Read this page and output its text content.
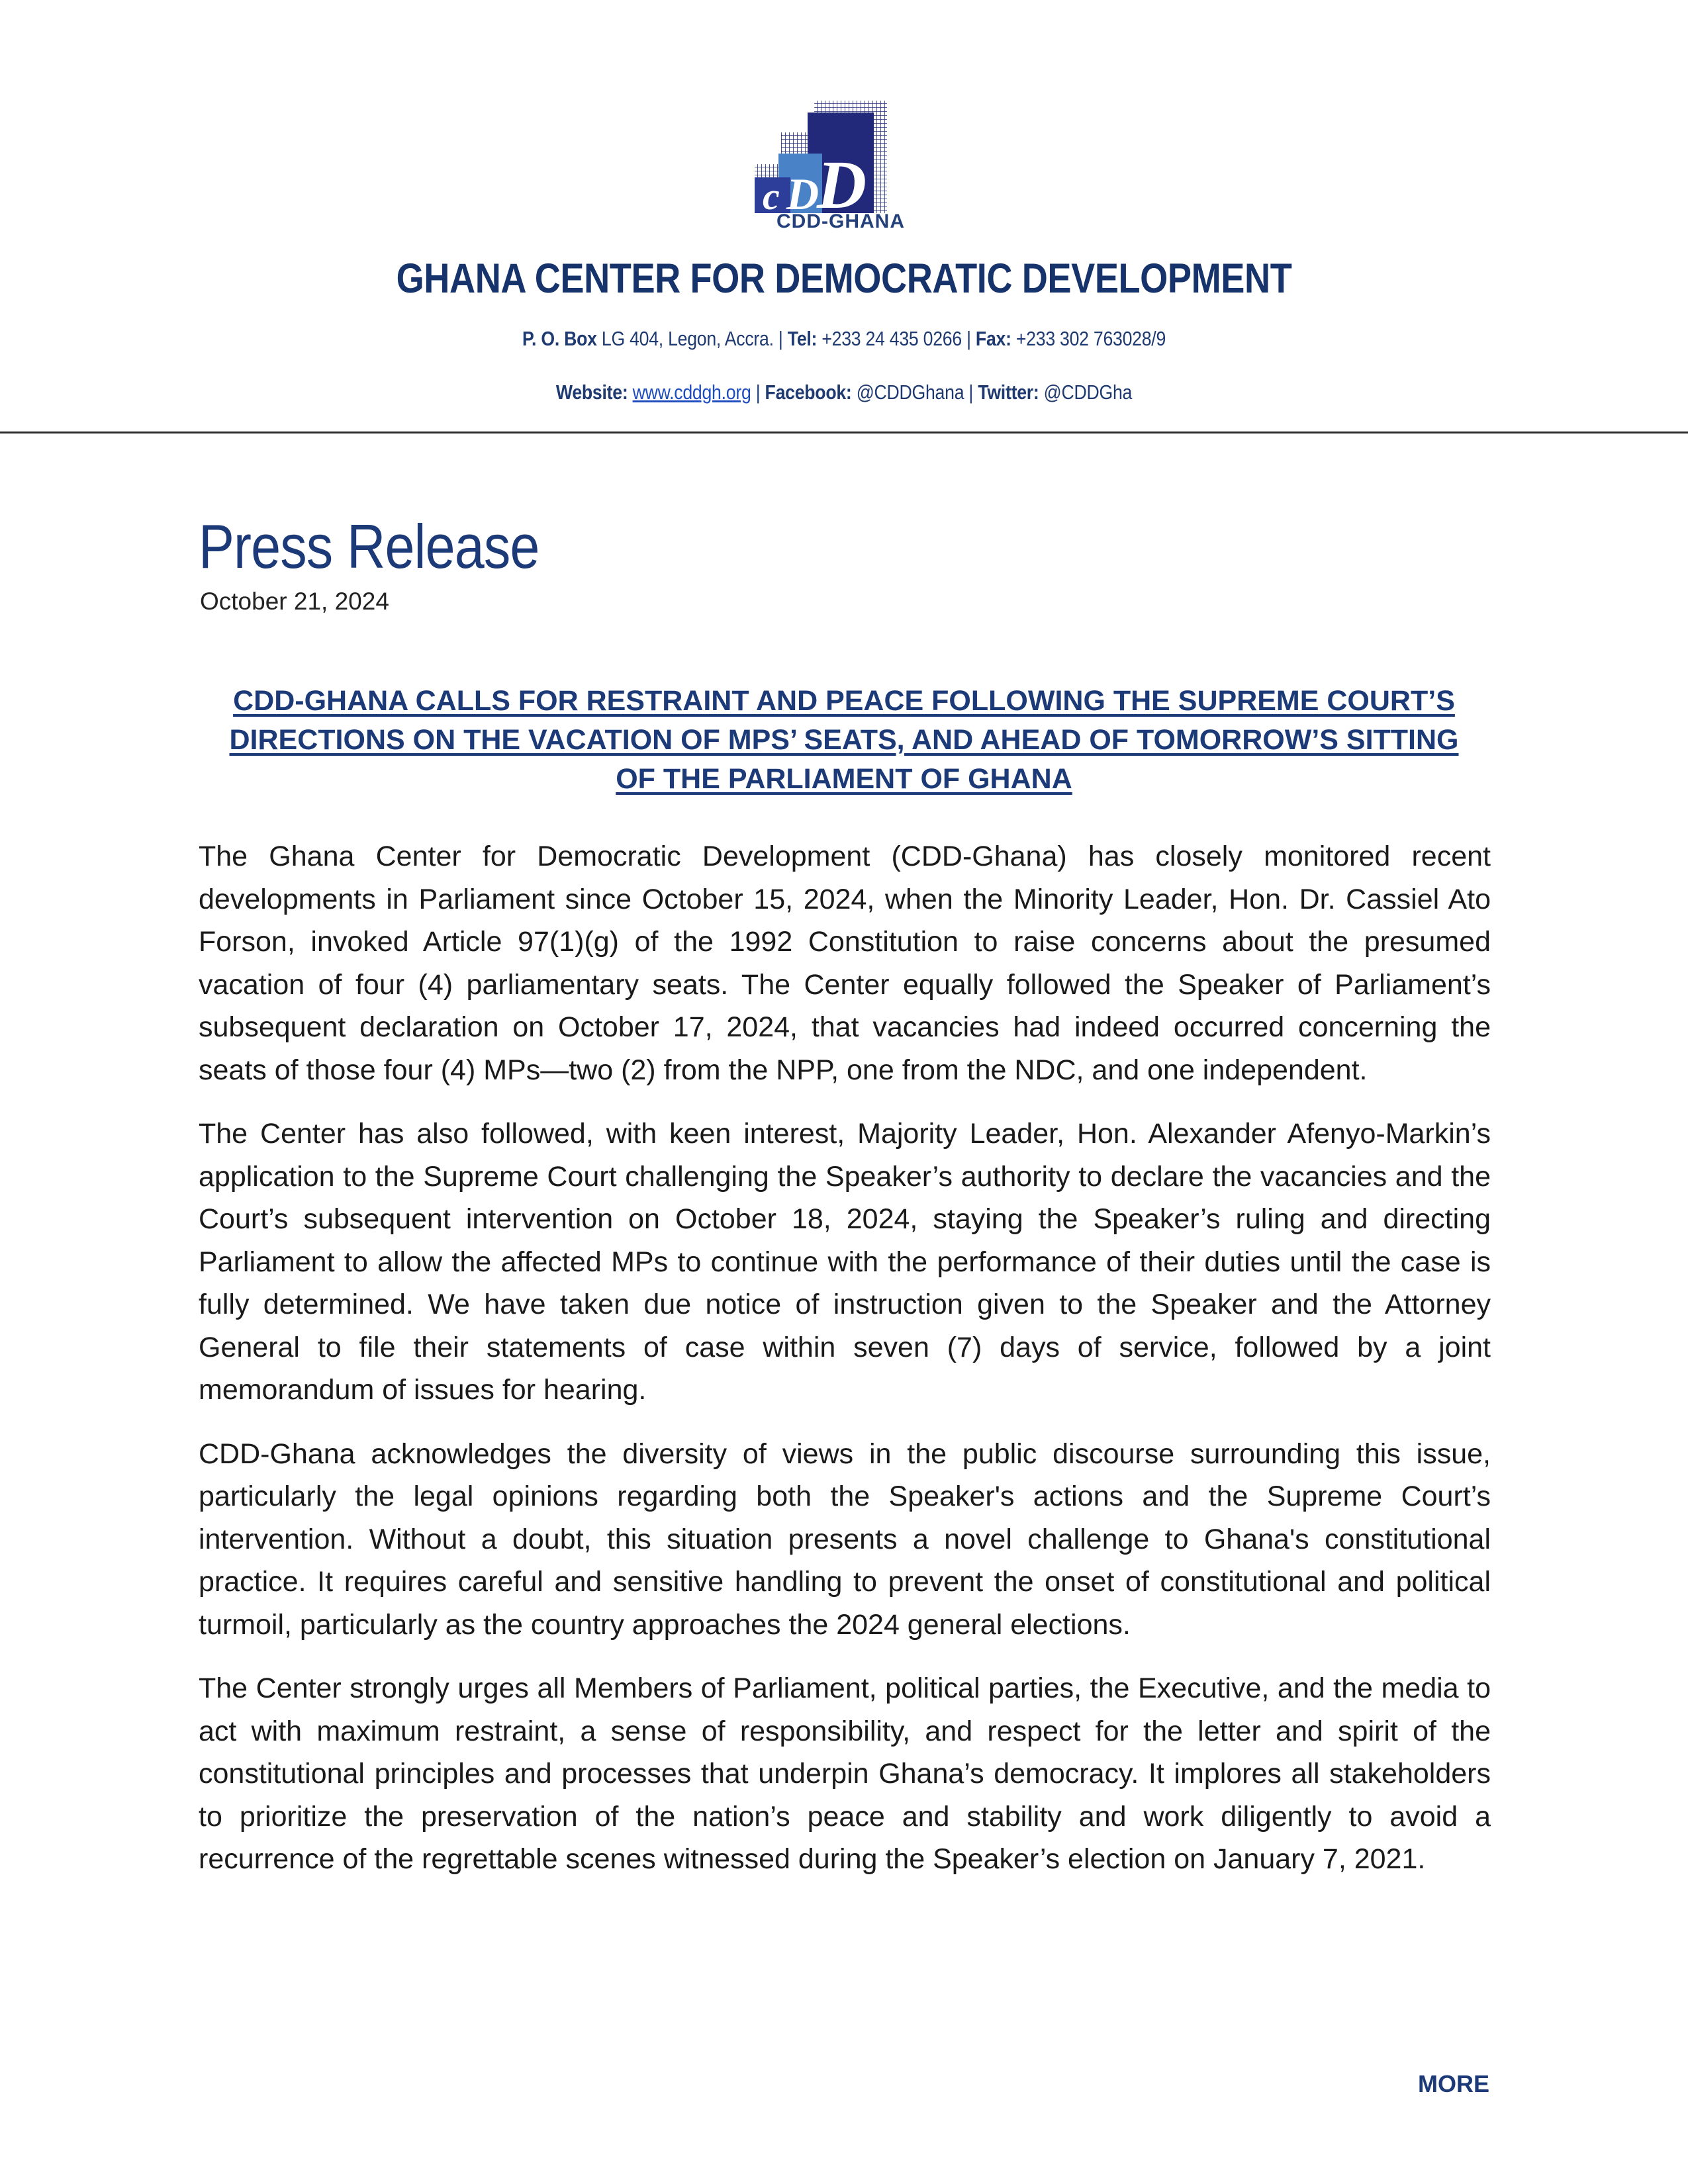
c D
D
CDD-GHANA
GHANA CENTER FOR DEMOCRATIC DEVELOPMENT
P. O. Box LG 404, Legon, Accra. | Tel: +233 24 435 0266 | Fax: +233 302 763028/9
Website: www.cddgh.org | Facebook: @CDDGhana | Twitter: @CDDGha
Press Release
October 21, 2024
CDD-GHANA CALLS FOR RESTRAINT AND PEACE FOLLOWING THE SUPREME COURT’S
DIRECTIONS ON THE VACATION OF MPS’ SEATS, AND AHEAD OF TOMORROW’S SITTING
OF THE PARLIAMENT OF GHANA

The Ghana Center for Democratic Development (CDD-Ghana) has closely monitored recent developments in Parliament since October 15, 2024, when the Minority Leader, Hon. Dr. Cassiel Ato Forson, invoked Article 97(1)(g) of the 1992 Constitution to raise concerns about the presumed vacation of four (4) parliamentary seats. The Center equally followed the Speaker of Parliament’s subsequent declaration on October 17, 2024, that vacancies had indeed occurred concerning the seats of those four (4) MPs—two (2) from the NPP, one from the NDC, and one independent.

The Center has also followed, with keen interest, Majority Leader, Hon. Alexander Afenyo-Markin’s application to the Supreme Court challenging the Speaker’s authority to declare the vacancies and the Court’s subsequent intervention on October 18, 2024, staying the Speaker’s ruling and directing Parliament to allow the affected MPs to continue with the performance of their duties until the case is fully determined. We have taken due notice of instruction given to the Speaker and the Attorney General to file their statements of case within seven (7) days of service, followed by a joint memorandum of issues for hearing.

CDD-Ghana acknowledges the diversity of views in the public discourse surrounding this issue, particularly the legal opinions regarding both the Speaker's actions and the Supreme Court’s intervention. Without a doubt, this situation presents a novel challenge to Ghana's constitutional practice. It requires careful and sensitive handling to prevent the onset of constitutional and political turmoil, particularly as the country approaches the 2024 general elections.

The Center strongly urges all Members of Parliament, political parties, the Executive, and the media to act with maximum restraint, a sense of responsibility, and respect for the letter and spirit of the constitutional principles and processes that underpin Ghana’s democracy. It implores all stakeholders to prioritize the preservation of the nation’s peace and stability and work diligently to avoid a recurrence of the regrettable scenes witnessed during the Speaker’s election on January 7, 2021.

MORE
